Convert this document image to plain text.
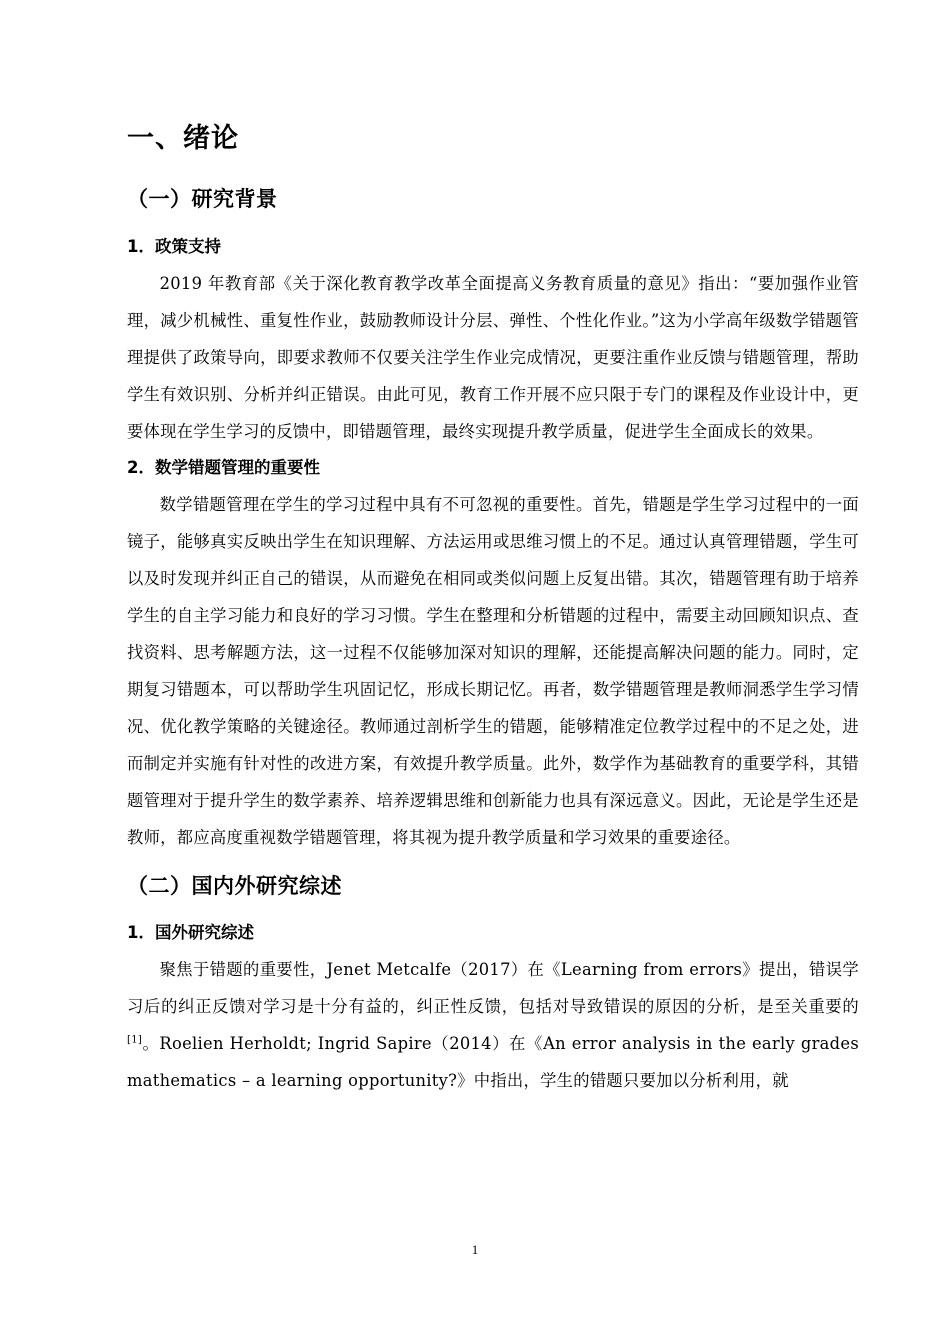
一、绪论
（一）研究背景
1．政策支持

2019 年教育部《关于深化教育教学改革全面提高义务教育质量的意见》指出：“要加强作业管理，减少机械性、重复性作业，鼓励教师设计分层、弹性、个性化作业。”这为小学高年级数学错题管理提供了政策导向，即要求教师不仅要关注学生作业完成情况，更要注重作业反馈与错题管理，帮助学生有效识别、分析并纠正错误。由此可见，教育工作开展不应只限于专门的课程及作业设计中，更要体现在学生学习的反馈中，即错题管理，最终实现提升教学质量，促进学生全面成长的效果。

2．数学错题管理的重要性

数学错题管理在学生的学习过程中具有不可忽视的重要性。首先，错题是学生学习过程中的一面镜子，能够真实反映出学生在知识理解、方法运用或思维习惯上的不足。通过认真管理错题，学生可以及时发现并纠正自己的错误，从而避免在相同或类似问题上反复出错。其次，错题管理有助于培养学生的自主学习能力和良好的学习习惯。学生在整理和分析错题的过程中，需要主动回顾知识点、查找资料、思考解题方法，这一过程不仅能够加深对知识的理解，还能提高解决问题的能力。同时，定期复习错题本，可以帮助学生巩固记忆，形成长期记忆。再者，数学错题管理是教师洞悉学生学习情况、优化教学策略的关键途径。教师通过剖析学生的错题，能够精准定位教学过程中的不足之处，进而制定并实施有针对性的改进方案，有效提升教学质量。此外，数学作为基础教育的重要学科，其错题管理对于提升学生的数学素养、培养逻辑思维和创新能力也具有深远意义。因此，无论是学生还是教师，都应高度重视数学错题管理，将其视为提升教学质量和学习效果的重要途径。

（二）国内外研究综述
1．国外研究综述

聚焦于错题的重要性，Jenet Metcalfe（2017）在《Learning from errors》提出，错误学习后的纠正反馈对学习是十分有益的，纠正性反馈，包括对导致错误的原因的分析，是至关重要的[1]。Roelien Herholdt; Ingrid Sapire（2014）在《An error analysis in the early grades mathematics – a learning opportunity?》中指出，学生的错题只要加以分析利用，就

1
